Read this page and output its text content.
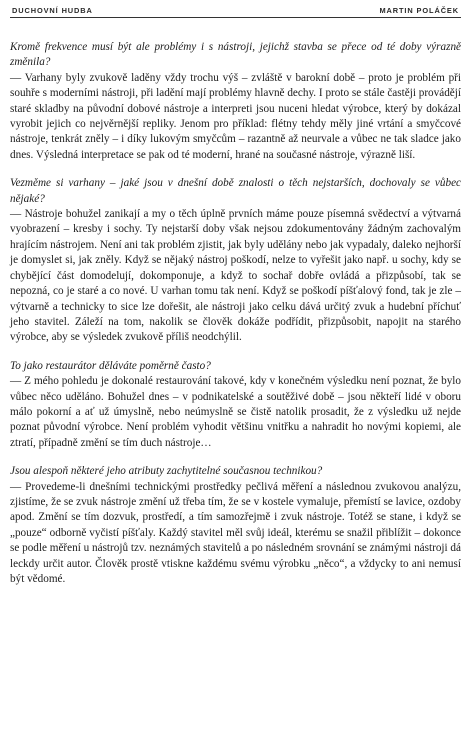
DUCHOVNÍ HUDBA	MARTIN POLÁČEK

Kromě frekvence musí být ale problémy i s nástroji, jejichž stavba se přece od té doby výrazně změnila?

— Varhany byly zvukově laděny vždy trochu výš – zvláště v barokní době – proto je problém při souhře s moderními nástroji, při ladění mají problémy hlavně dechy. I proto se stále častěji provádějí staré skladby na původní dobové nástroje a interpreti jsou nuceni hledat výrobce, který by dokázal vyrobit jejich co nejvěrnější repliky. Jenom pro příklad: flétny tehdy měly jiné vrtání a smyčcové nástroje, tenkrát zněly – i díky lukovým smyčcům – razantně až neurvale a vůbec ne tak sladce jako dnes. Výsledná interpretace se pak od té moderní, hrané na současné nástroje, výrazně liší.

Vezměme si varhany – jaké jsou v dnešní době znalosti o těch nejstarších, dochovaly se vůbec nějaké?

— Nástroje bohužel zanikají a my o těch úplně prvních máme pouze písemná svědectví a výtvarná vyobrazení – kresby i sochy. Ty nejstarší doby však nejsou zdokumentovány žádným zachovalým hrajícím nástrojem. Není ani tak problém zjistit, jak byly udělány nebo jak vypadaly, daleko nejhorší je domyslet si, jak zněly. Když se nějaký nástroj poškodí, nelze to vyřešit jako např. u sochy, kdy se chybějící část domodelují, dokomponuje, a když to sochař dobře ovládá a přizpůsobí, tak se nepozná, co je staré a co nové. U varhan tomu tak není. Když se poškodí píšťalový fond, tak je zle – výtvarně a technicky to sice lze dořešit, ale nástroji jako celku dává určitý zvuk a hudební příchuť jeho stavitel. Záleží na tom, nakolik se člověk dokáže podřídit, přizpůsobit, napojit na starého výrobce, aby se výsledek zvukově příliš neodchýlil.

To jako restaurátor děláváte poměrně často?

— Z mého pohledu je dokonalé restaurování takové, kdy v konečném výsledku není poznat, že bylo vůbec něco uděláno. Bohužel dnes – v podnikatelské a soutěživé době – jsou někteří lidé v oboru málo pokorní a ať už úmyslně, nebo neúmyslně se čistě natolik prosadit, že z výsledku už nejde poznat původní výrobce. Není problém vyhodit většinu vnitřku a nahradit ho novými kopiemi, ale ztratí, případně změní se tím duch nástroje…

Jsou alespoň některé jeho atributy zachytitelné současnou technikou?

— Provedeme-li dnešními technickými prostředky pečlivá měření a následnou zvukovou analýzu, zjistíme, že se zvuk nástroje změní už třeba tím, že se v kostele vymaluje, přemístí se lavice, ozdoby apod. Změní se tím dozvuk, prostředí, a tím samozřejmě i zvuk nástroje. Totéž se stane, i když se „pouze“ odborně vyčistí píšťaly. Každý stavitel měl svůj ideál, kterému se snažil přiblížit – dokonce se podle měření u nástrojů tzv. neznámých stavitelů a po následném srovnání se známými nástroji dá leckdy určit autor. Člověk prostě vtiskne každému svému výrobku „něco“, a vždycky to ani nemusí být vědomé.
